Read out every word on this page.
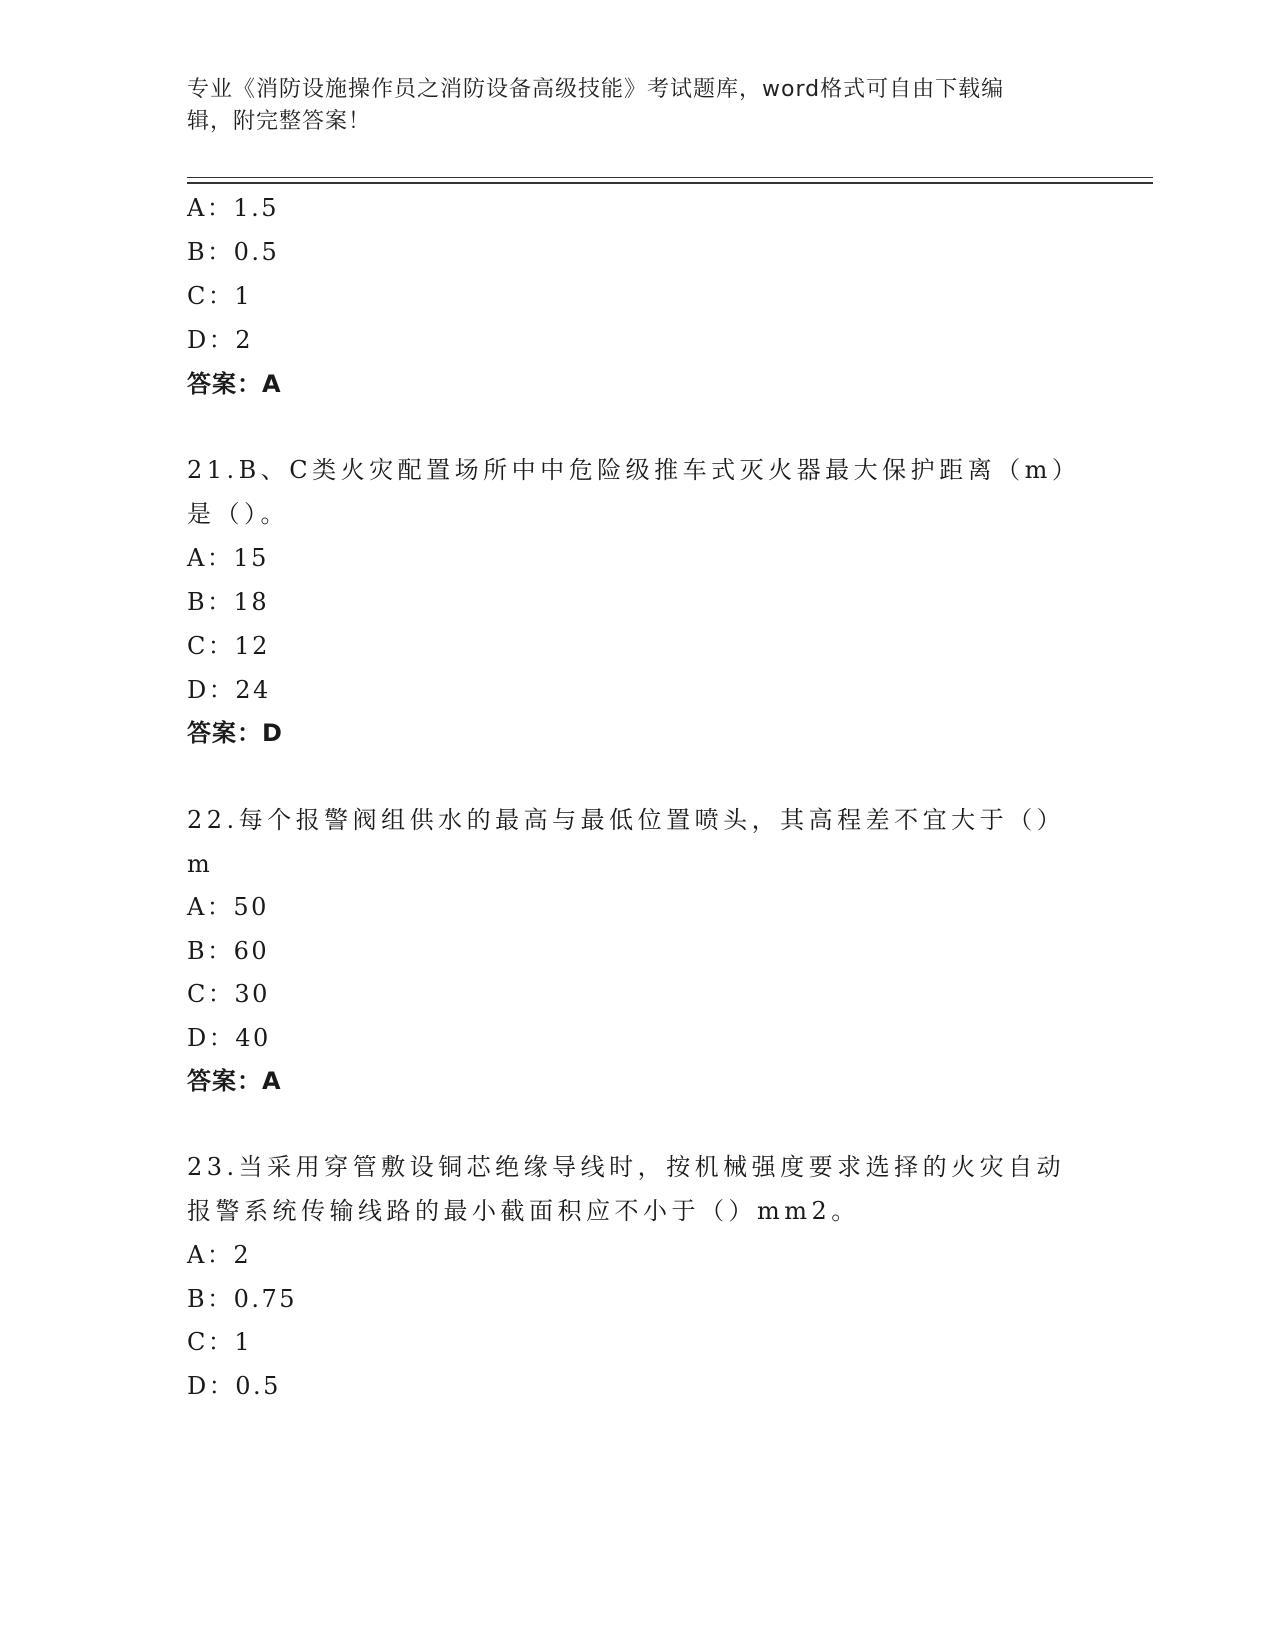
专业《消防设施操作员之消防设备高级技能》考试题库，word格式可自由下载编
辑，附完整答案！
A：1.5
B：0.5
C：1
D：2
答案：A
21.B、C类火灾配置场所中中危险级推车式灭火器最大保护距离（m）
是（）。
A：15
B：18
C：12
D：24
答案：D
22.每个报警阀组供水的最高与最低位置喷头，其高程差不宜大于（）
m
A：50
B：60
C：30
D：40
答案：A
23.当采用穿管敷设铜芯绝缘导线时，按机械强度要求选择的火灾自动
报警系统传输线路的最小截面积应不小于（）mm2。
A：2
B：0.75
C：1
D：0.5
